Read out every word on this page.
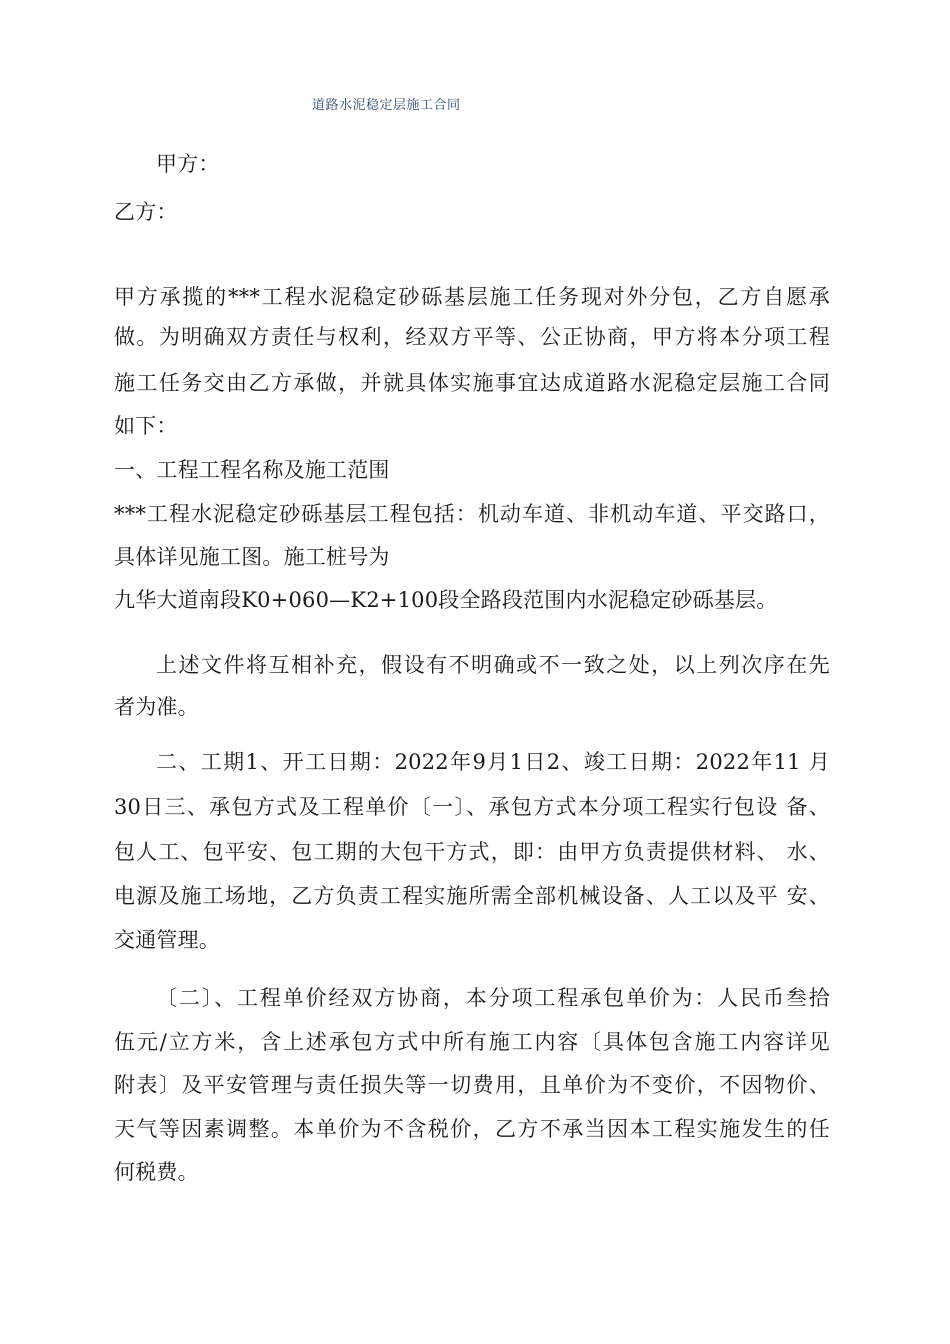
道路水泥稳定层施工合同
甲方：
乙方：
甲方承揽的***工程水泥稳定砂砾基层施工任务现对外分包，乙方自愿承
做。为明确双方责任与权利，经双方平等、公正协商，甲方将本分项工程
施工任务交由乙方承做，并就具体实施事宜达成道路水泥稳定层施工合同
如下：
一、工程工程名称及施工范围
***工程水泥稳定砂砾基层工程包括：机动车道、非机动车道、平交路口，
具体详见施工图。施工桩号为
九华大道南段K0+060—K2+100段全路段范围内水泥稳定砂砾基层。
上述文件将互相补充，假设有不明确或不一致之处，以上列次序在先
者为准。
二、工期1、开工日期：2022年9月1日2、竣工日期：2022年11 月
30日三、承包方式及工程单价〔一〕、承包方式本分项工程实行包设 备、
包人工、包平安、包工期的大包干方式，即：由甲方负责提供材料、 水、
电源及施工场地，乙方负责工程实施所需全部机械设备、人工以及平 安、
交通管理。
〔二〕、工程单价经双方协商，本分项工程承包单价为：人民币叁拾
伍元/立方米，含上述承包方式中所有施工内容〔具体包含施工内容详见
附表〕及平安管理与责任损失等一切费用，且单价为不变价，不因物价、
天气等因素调整。本单价为不含税价，乙方不承当因本工程实施发生的任
何税费。
